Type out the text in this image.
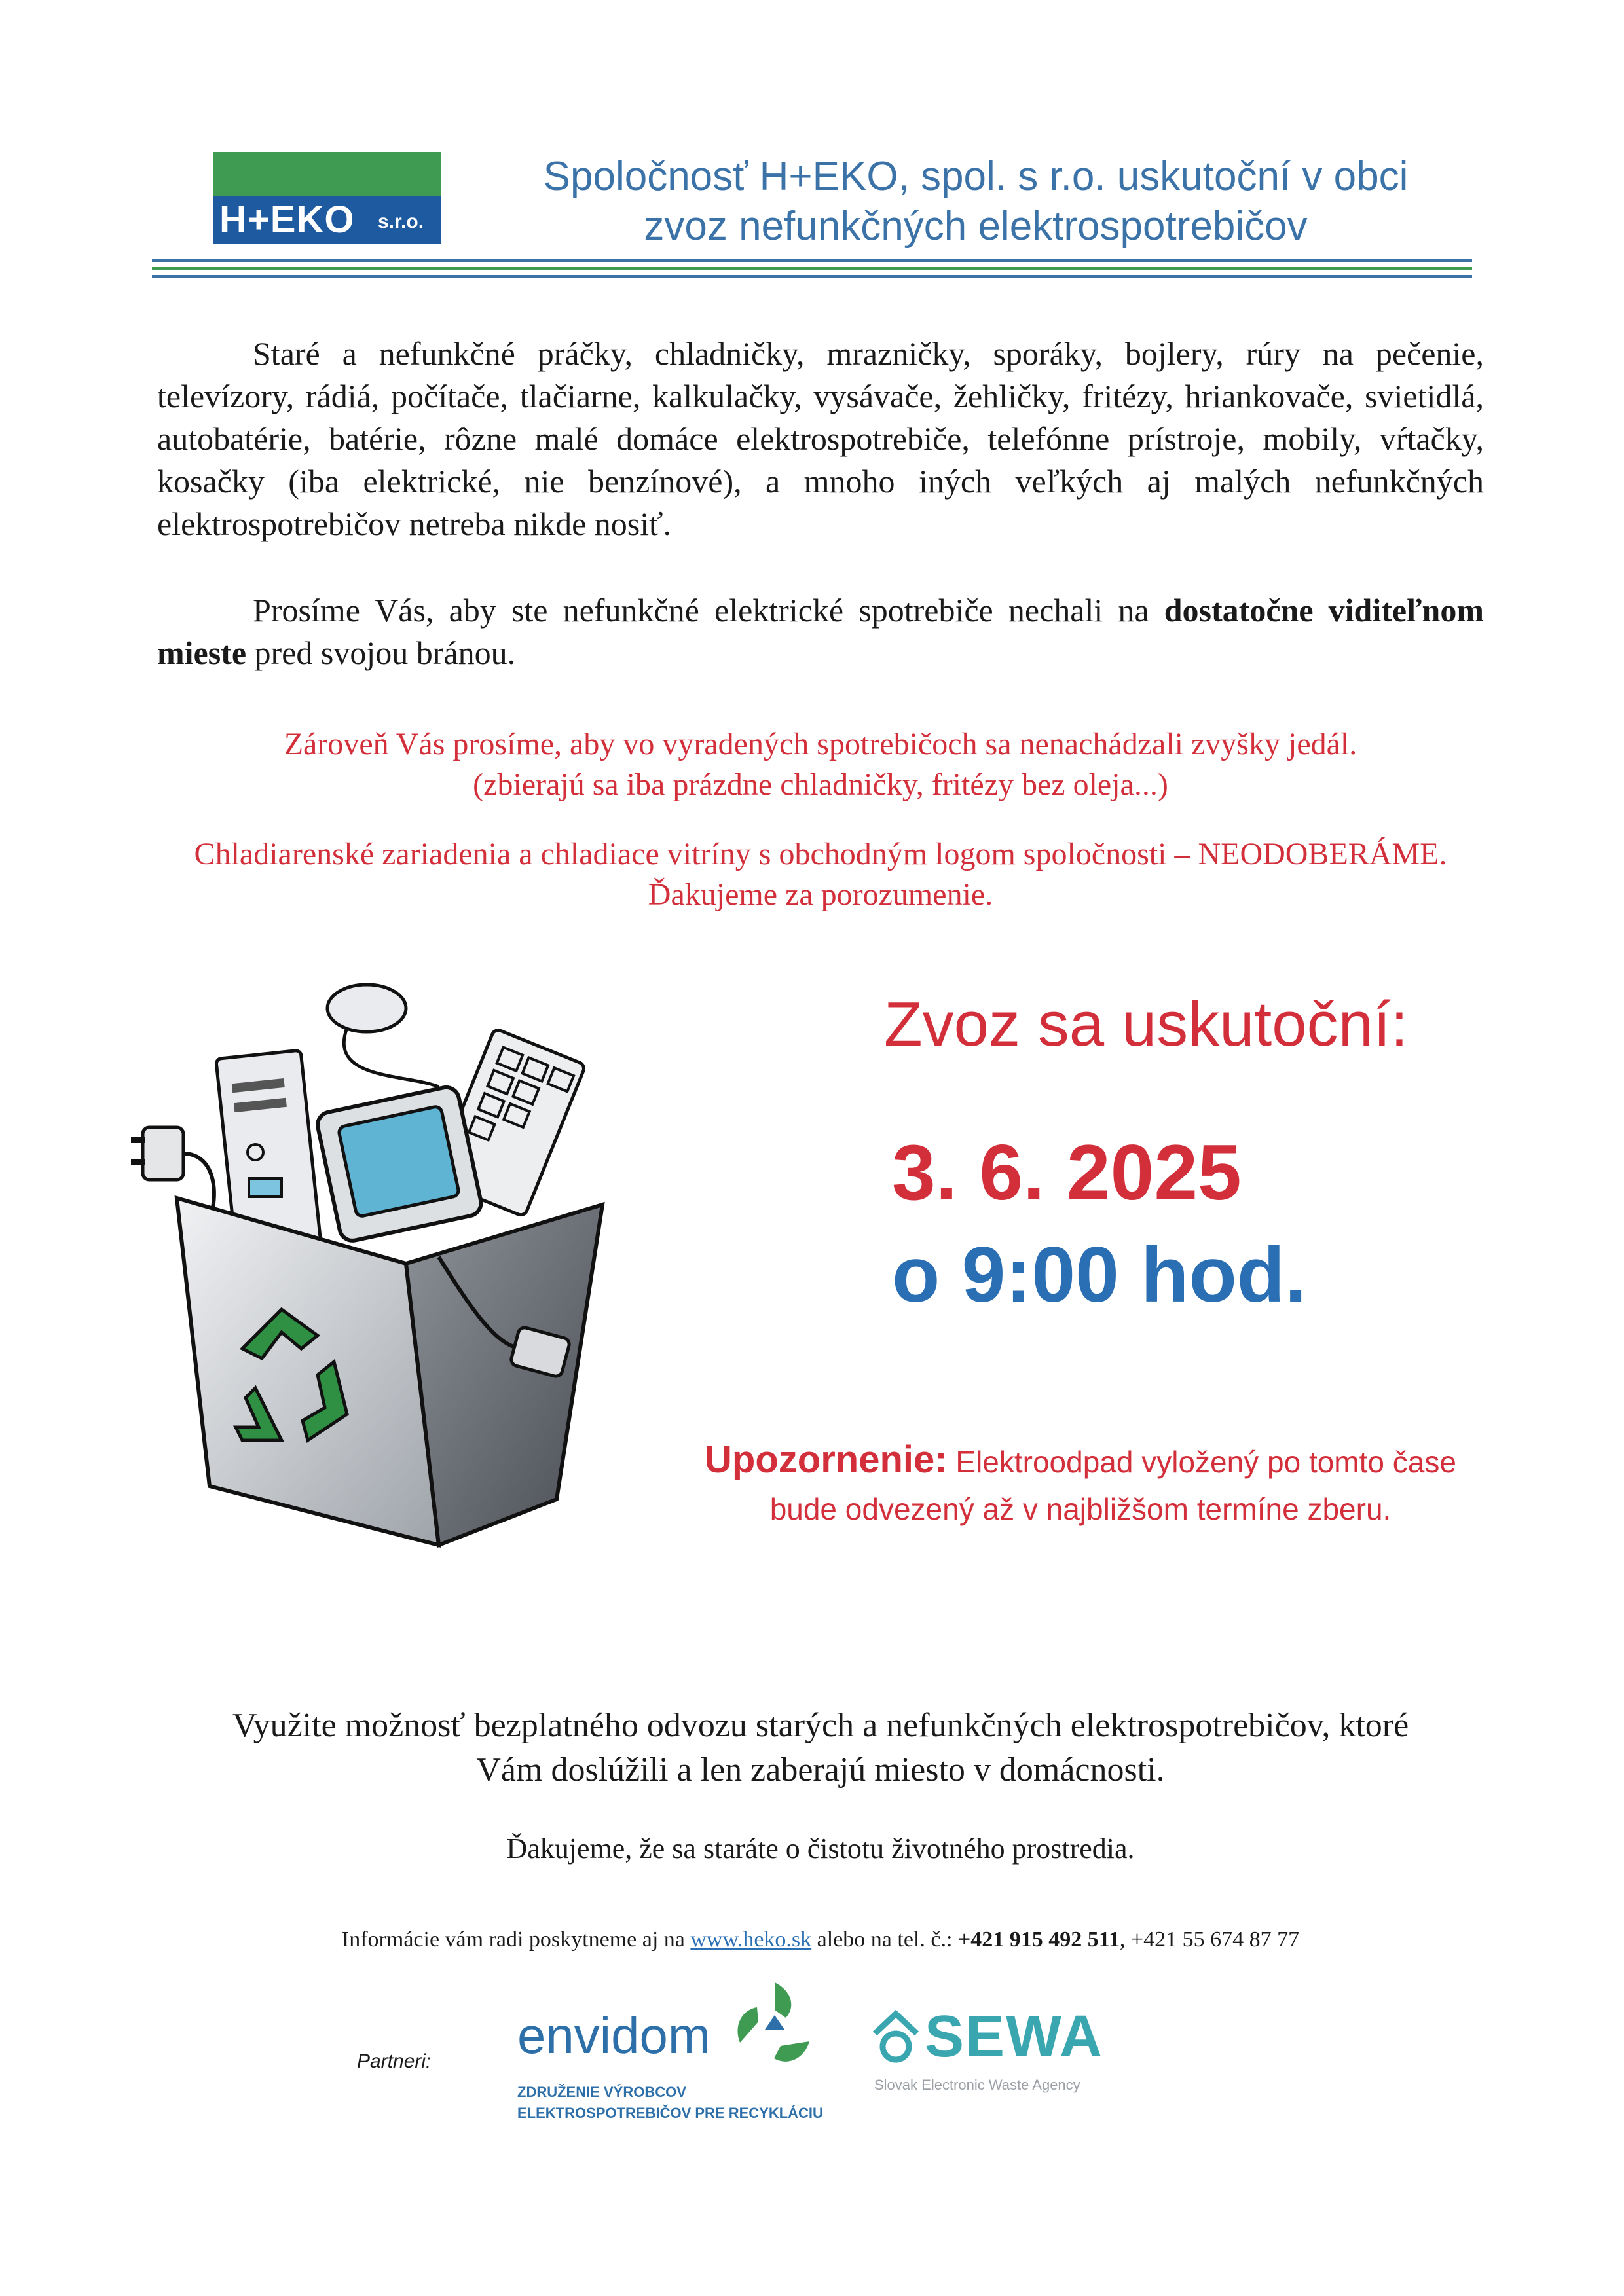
H+EKO s.r.o.
Spoločnosť H+EKO, spol. s r.o. uskutoční v obci
zvoz nefunkčných elektrospotrebičov
Staré a nefunkčné práčky, chladničky, mrazničky, sporáky, bojlery, rúry na pečenie, televízory, rádiá, počítače, tlačiarne, kalkulačky, vysávače, žehličky, fritézy, hriankovače, svietidlá, autobatérie, batérie, rôzne malé domáce elektrospotrebiče, telefónne prístroje, mobily, vŕtačky, kosačky (iba elektrické, nie benzínové), a mnoho iných veľkých aj malých nefunkčných elektrospotrebičov netreba nikde nosiť.
Prosíme Vás, aby ste nefunkčné elektrické spotrebiče nechali na dostatočne viditeľnom mieste pred svojou bránou.
Zároveň Vás prosíme, aby vo vyradených spotrebičoch sa nenachádzali zvyšky jedál.
(zbierajú sa iba prázdne chladničky, fritézy bez oleja...)
Chladiarenské zariadenia a chladiace vitríny s obchodným logom spoločnosti – NEODOBERÁME.
Ďakujeme za porozumenie.
Zvoz sa uskutoční:
3. 6. 2025
o 9:00 hod.
Upozornenie: Elektroodpad vyložený po tomto čase
bude odvezený až v najbližšom termíne zberu.
Využite možnosť bezplatného odvozu starých a nefunkčných elektrospotrebičov, ktoré
Vám doslúžili a len zaberajú miesto v domácnosti.
Ďakujeme, že sa staráte o čistotu životného prostredia.
Informácie vám radi poskytneme aj na www.heko.sk alebo na tel. č.: +421 915 492 511, +421 55 674 87 77
Partneri: envidom
ZDRUŽENIE VÝROBCOV
ELEKTROSPOTREBIČOV PRE RECYKLÁCIU
SEWA
Slovak Electronic Waste Agency
